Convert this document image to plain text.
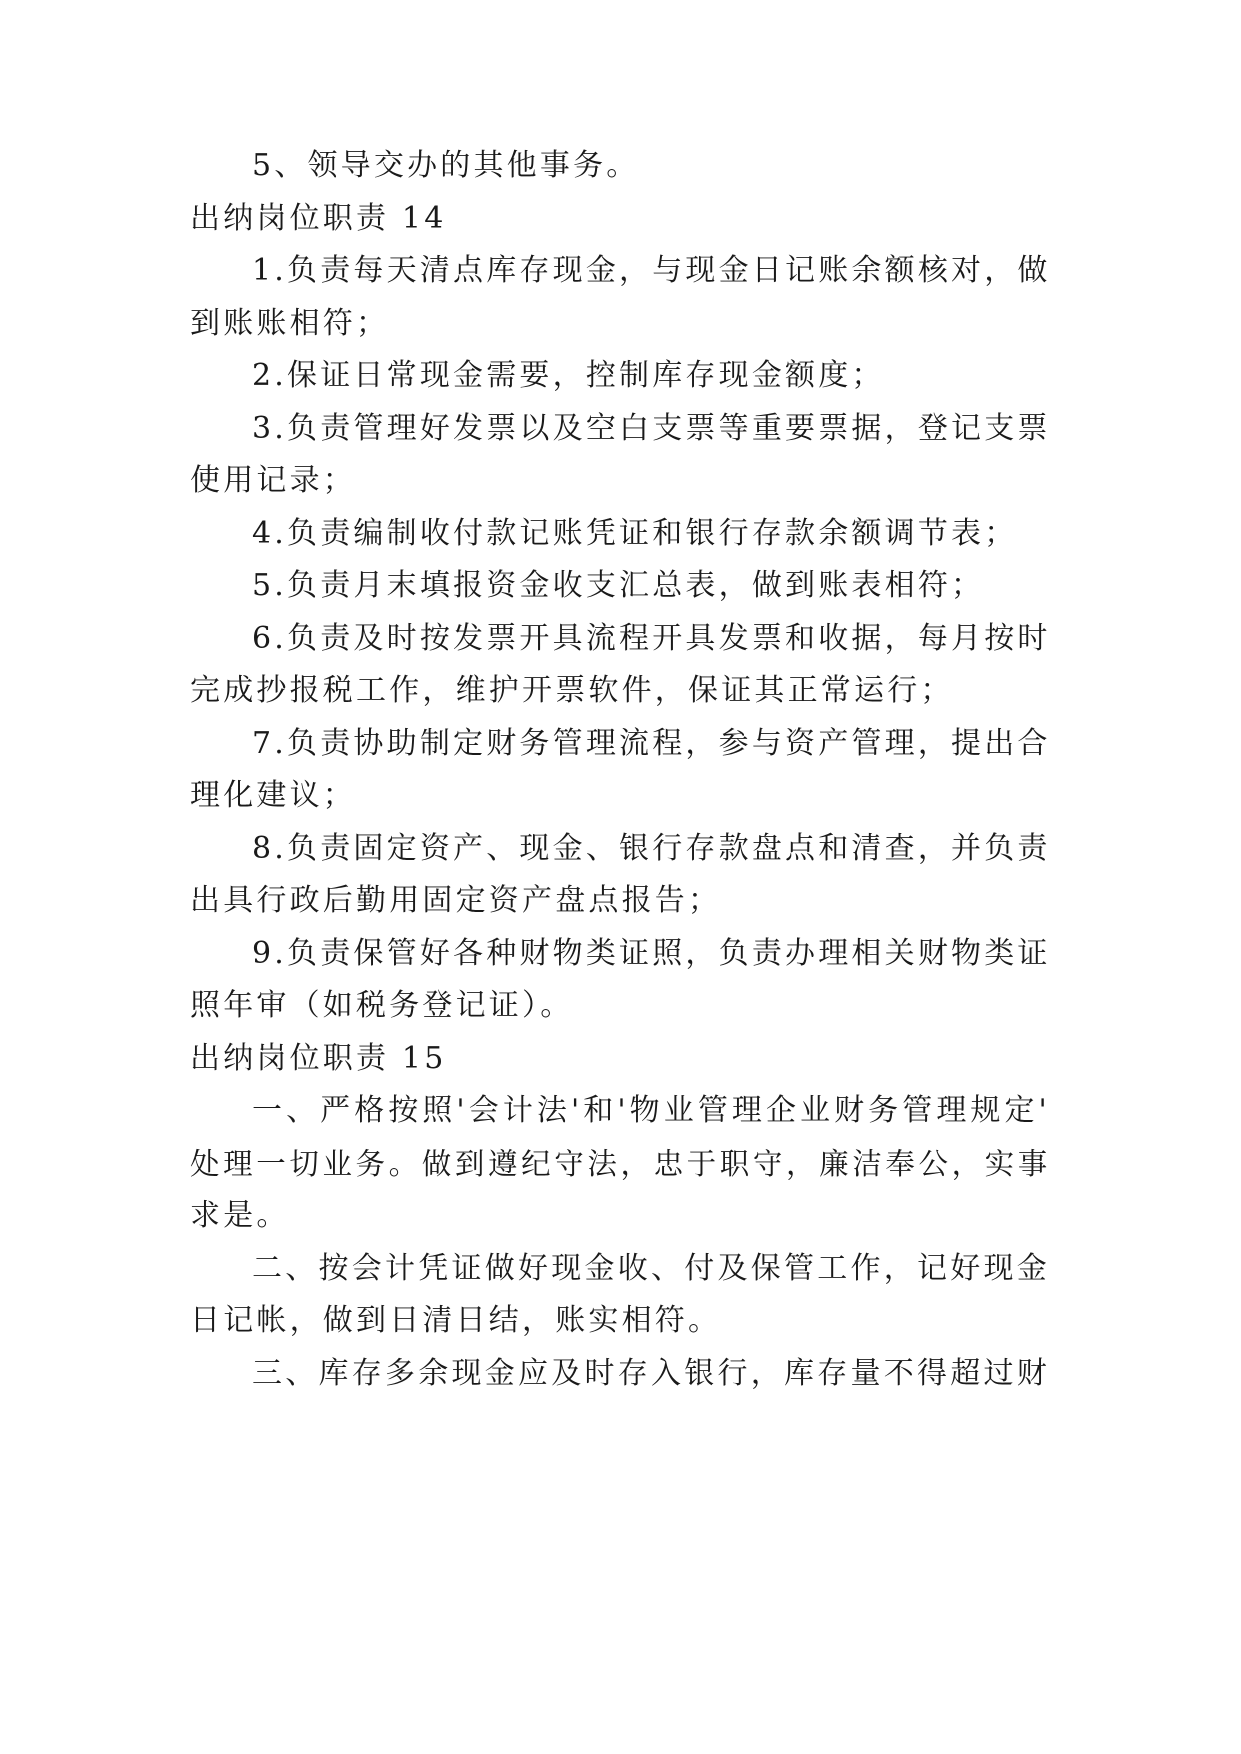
5、领导交办的其他事务。
出纳岗位职责 14
1.负责每天清点库存现金，与现金日记账余额核对，做
到账账相符；
2.保证日常现金需要，控制库存现金额度；
3.负责管理好发票以及空白支票等重要票据，登记支票
使用记录；
4.负责编制收付款记账凭证和银行存款余额调节表；
5.负责月末填报资金收支汇总表，做到账表相符；
6.负责及时按发票开具流程开具发票和收据，每月按时
完成抄报税工作，维护开票软件，保证其正常运行；
7.负责协助制定财务管理流程，参与资产管理，提出合
理化建议；
8.负责固定资产、现金、银行存款盘点和清查，并负责
出具行政后勤用固定资产盘点报告；
9.负责保管好各种财物类证照，负责办理相关财物类证
照年审（如税务登记证）。
出纳岗位职责 15
一、严格按照'会计法'和'物业管理企业财务管理规定'
处理一切业务。做到遵纪守法，忠于职守，廉洁奉公，实事
求是。
二、按会计凭证做好现金收、付及保管工作，记好现金
日记帐，做到日清日结，账实相符。
三、库存多余现金应及时存入银行，库存量不得超过财
